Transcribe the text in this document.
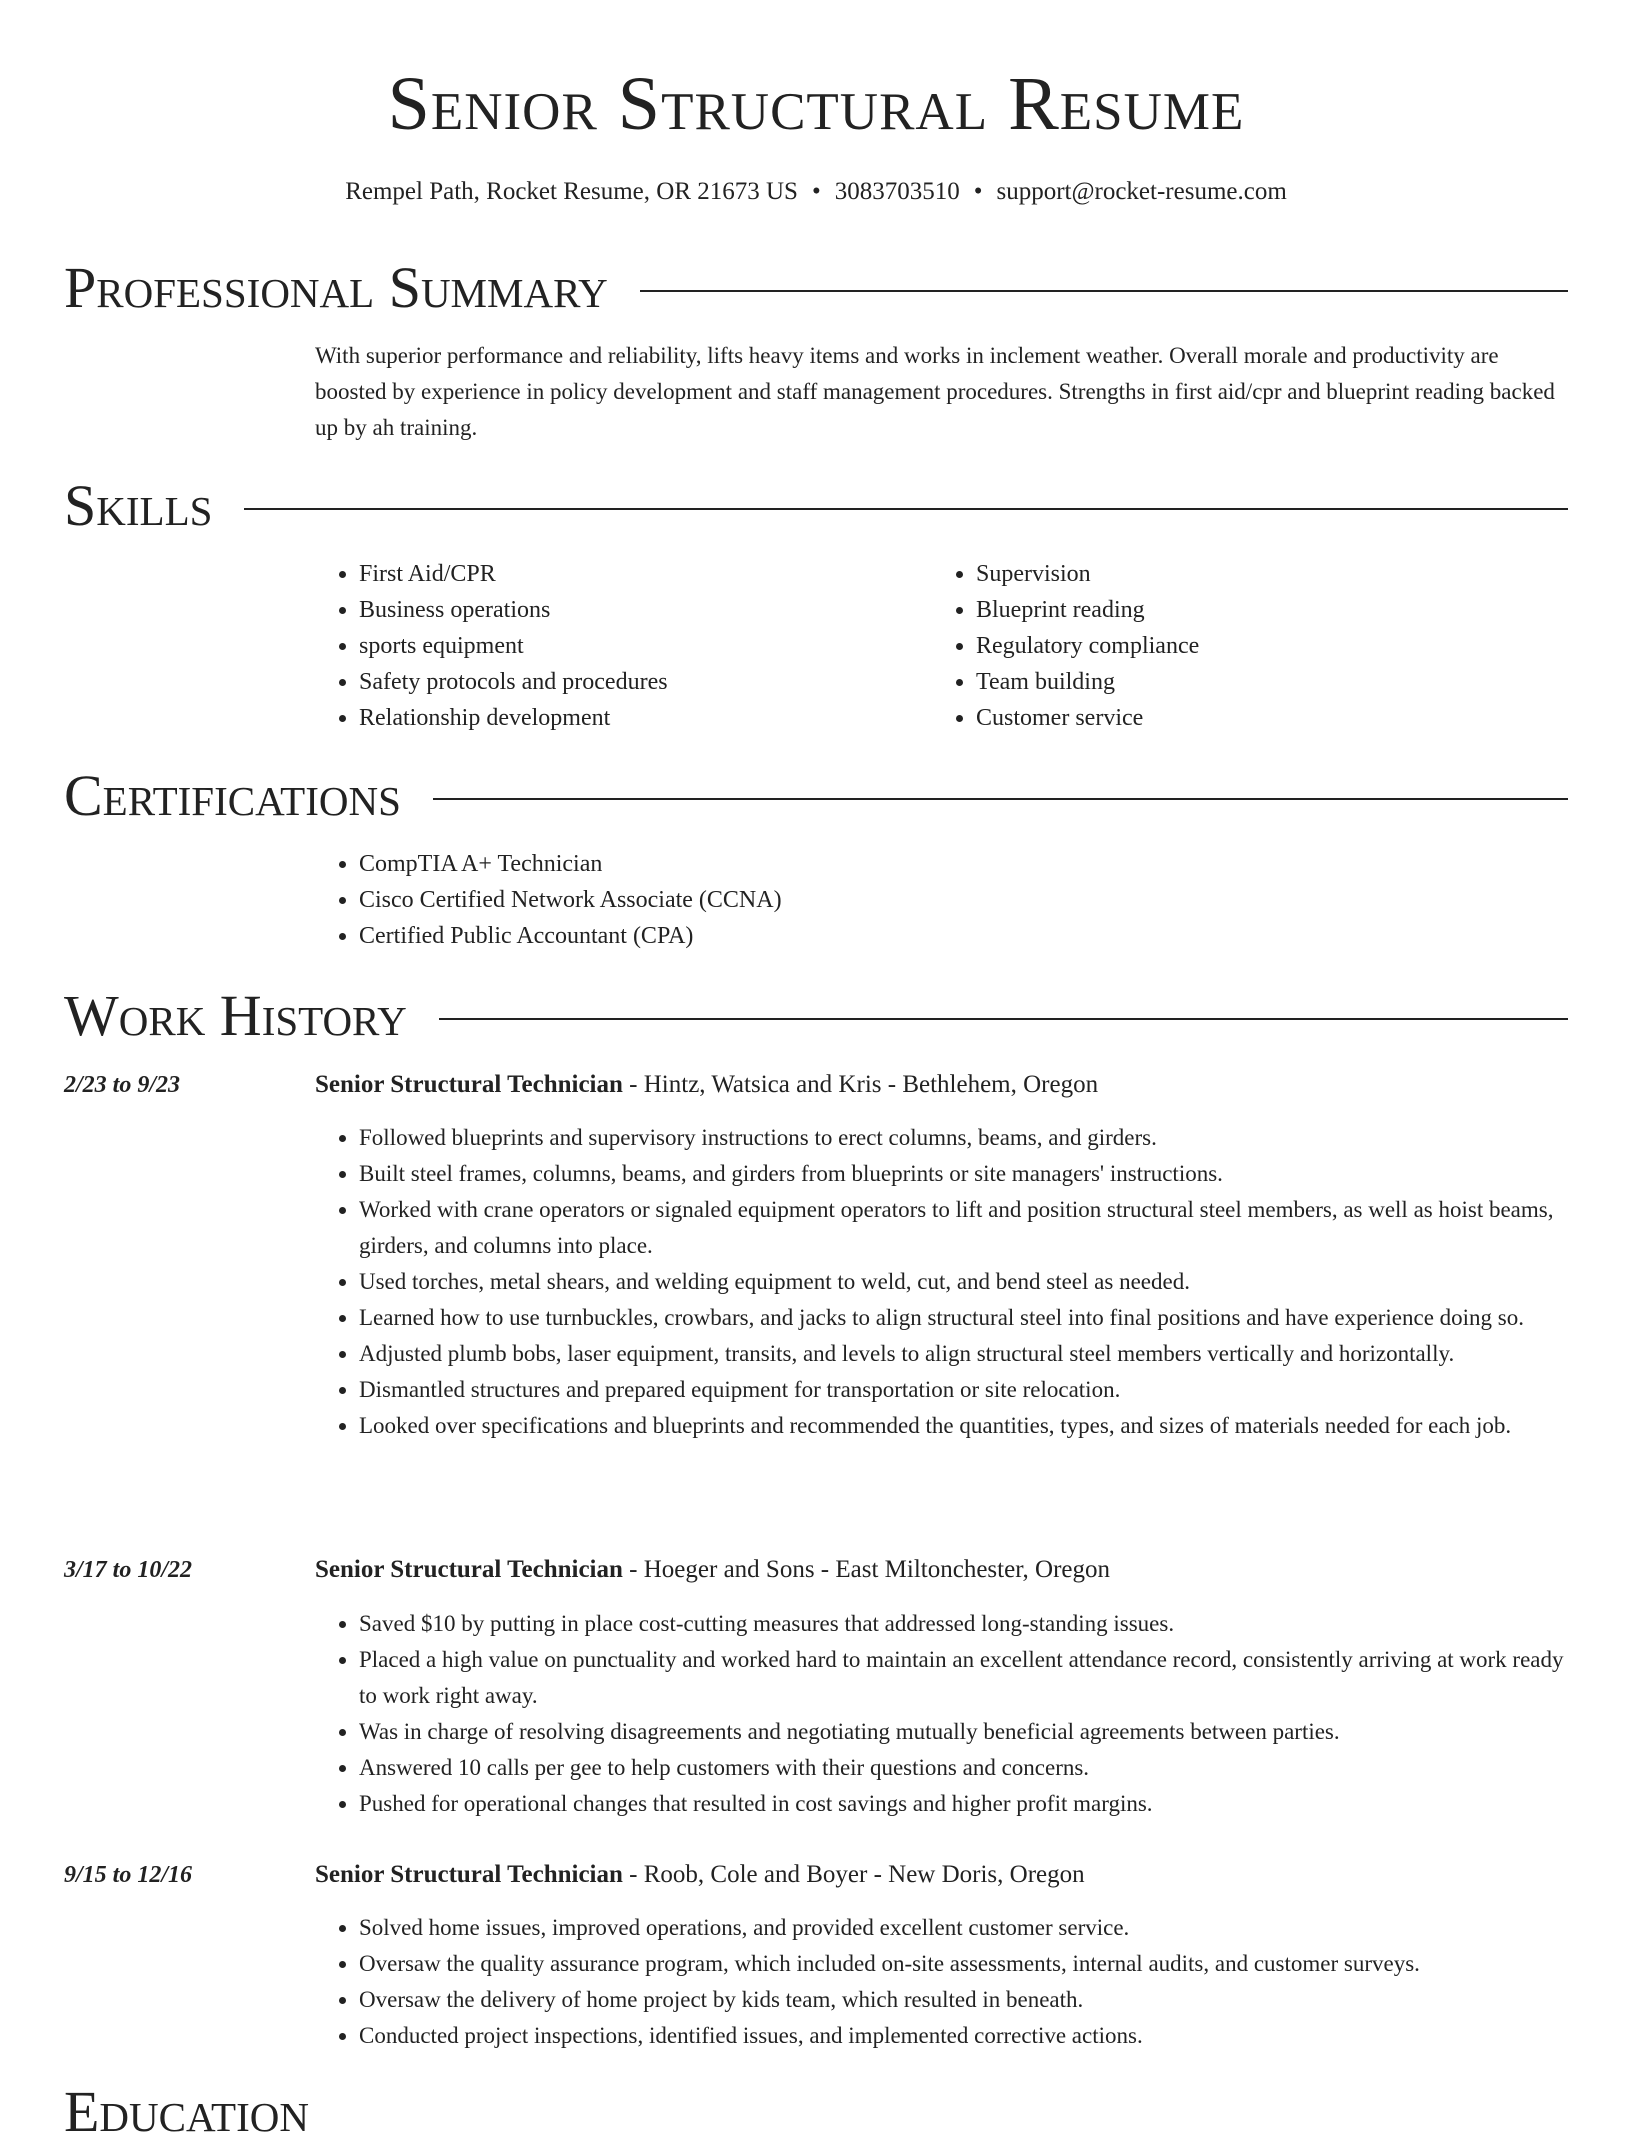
Senior Structural Resume
Rempel Path, Rocket Resume, OR 21673 US • 3083703510 • support@rocket-resume.com
Professional Summary

With superior performance and reliability, lifts heavy items and works in inclement weather. Overall morale and productivity are boosted by experience in policy development and staff management procedures. Strengths in first aid/cpr and blueprint reading backed up by ah training.

Skills
• First Aid/CPR
• Business operations
• sports equipment
• Safety protocols and procedures
• Relationship development
• Supervision
• Blueprint reading
• Regulatory compliance
• Team building
• Customer service
Certifications
• CompTIA A+ Technician
• Cisco Certified Network Associate (CCNA)
• Certified Public Accountant (CPA)
Work History
2/23 to 9/23	Senior Structural Technician - Hintz, Watsica and Kris - Bethlehem, Oregon
• Followed blueprints and supervisory instructions to erect columns, beams, and girders.
• Built steel frames, columns, beams, and girders from blueprints or site managers' instructions.
• Worked with crane operators or signaled equipment operators to lift and position structural steel members, as well as hoist beams, girders, and columns into place.
• Used torches, metal shears, and welding equipment to weld, cut, and bend steel as needed.
• Learned how to use turnbuckles, crowbars, and jacks to align structural steel into final positions and have experience doing so.
• Adjusted plumb bobs, laser equipment, transits, and levels to align structural steel members vertically and horizontally.
• Dismantled structures and prepared equipment for transportation or site relocation.
• Looked over specifications and blueprints and recommended the quantities, types, and sizes of materials needed for each job.
3/17 to 10/22	Senior Structural Technician - Hoeger and Sons - East Miltonchester, Oregon
• Saved $10 by putting in place cost-cutting measures that addressed long-standing issues.
• Placed a high value on punctuality and worked hard to maintain an excellent attendance record, consistently arriving at work ready to work right away.
• Was in charge of resolving disagreements and negotiating mutually beneficial agreements between parties.
• Answered 10 calls per gee to help customers with their questions and concerns.
• Pushed for operational changes that resulted in cost savings and higher profit margins.
9/15 to 12/16	Senior Structural Technician - Roob, Cole and Boyer - New Doris, Oregon
• Solved home issues, improved operations, and provided excellent customer service.
• Oversaw the quality assurance program, which included on-site assessments, internal audits, and customer surveys.
• Oversaw the delivery of home project by kids team, which resulted in beneath.
• Conducted project inspections, identified issues, and implemented corrective actions.
Education
